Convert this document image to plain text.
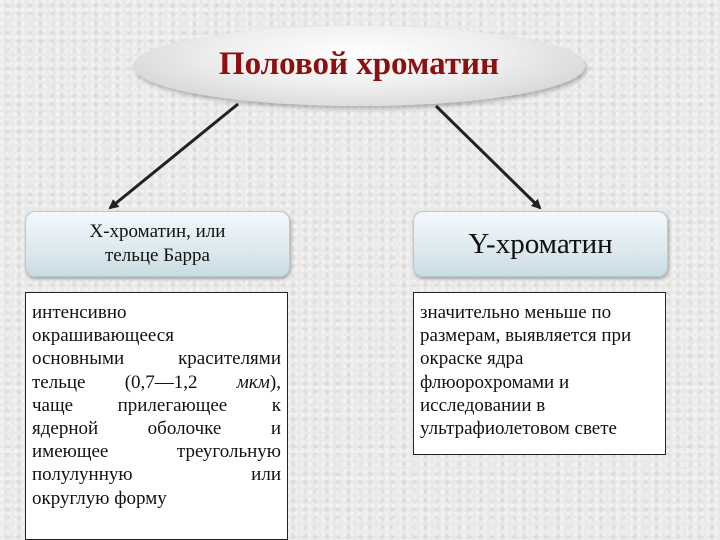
Половой хроматин
Х-хроматин, или
тельце Барра	Y-хроматин
интенсивно
окрашивающееся
основными красителями
тельце (0,7—1,2 мкм),
чаще прилегающее к
ядерной оболочке и
имеющее треугольную
полулунную или
округлую форму
значительно меньше по
размерам, выявляется при
окраске ядра
флюорохромами и
исследовании в
ультрафиолетовом свете
